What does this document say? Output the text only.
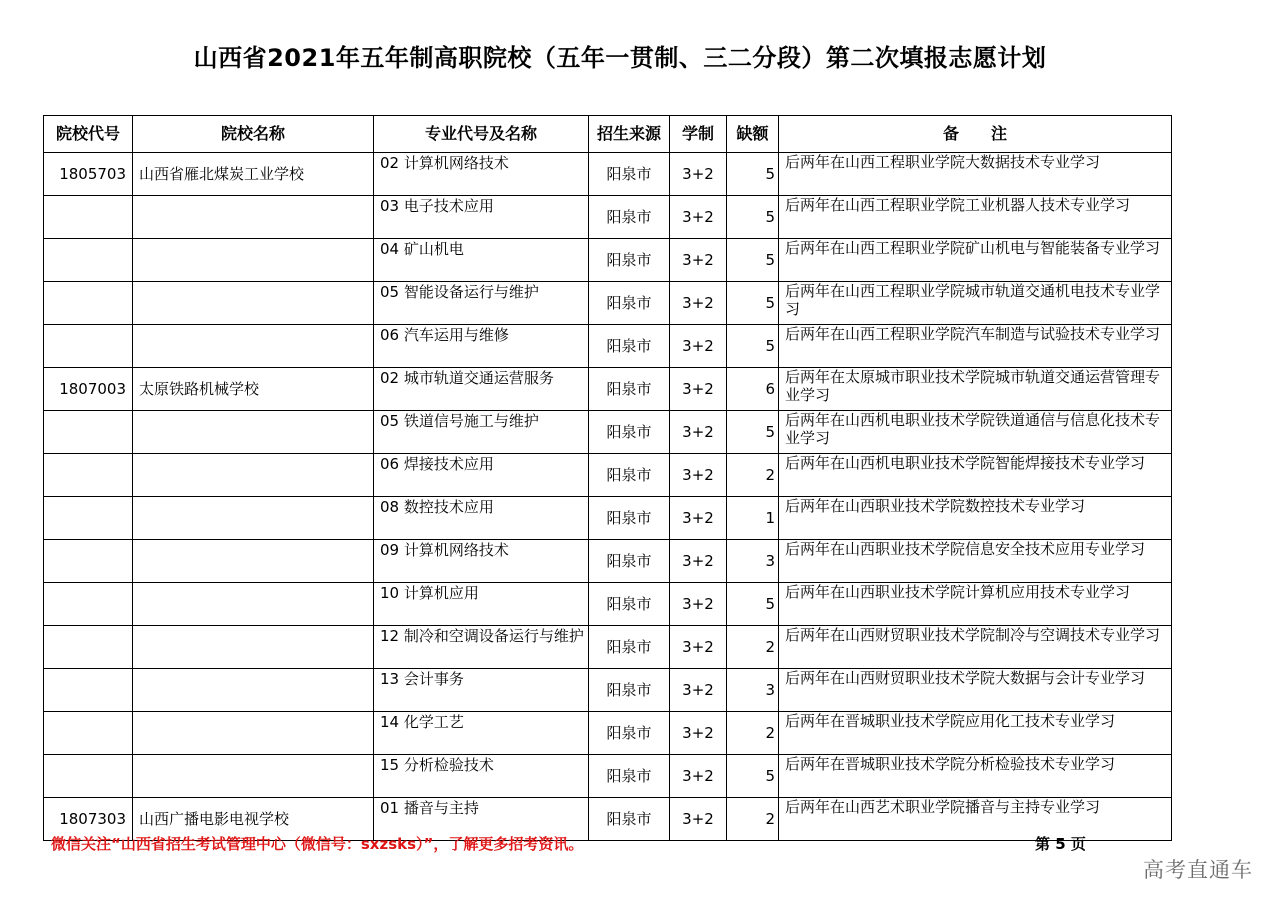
山西省2021年五年制高职院校（五年一贯制、三二分段）第二次填报志愿计划
院校代号	院校名称	专业代号及名称	招生来源	学制	缺额	备　　注
1805703	山西省雁北煤炭工业学校	02 计算机网络技术	阳泉市	3+2	5	后两年在山西工程职业学院大数据技术专业学习
		03 电子技术应用	阳泉市	3+2	5	后两年在山西工程职业学院工业机器人技术专业学习
		04 矿山机电	阳泉市	3+2	5	后两年在山西工程职业学院矿山机电与智能装备专业学习
		05 智能设备运行与维护	阳泉市	3+2	5	后两年在山西工程职业学院城市轨道交通机电技术专业学习
		06 汽车运用与维修	阳泉市	3+2	5	后两年在山西工程职业学院汽车制造与试验技术专业学习
1807003	太原铁路机械学校	02 城市轨道交通运营服务	阳泉市	3+2	6	后两年在太原城市职业技术学院城市轨道交通运营管理专业学习
		05 铁道信号施工与维护	阳泉市	3+2	5	后两年在山西机电职业技术学院铁道通信与信息化技术专业学习
		06 焊接技术应用	阳泉市	3+2	2	后两年在山西机电职业技术学院智能焊接技术专业学习
		08 数控技术应用	阳泉市	3+2	1	后两年在山西职业技术学院数控技术专业学习
		09 计算机网络技术	阳泉市	3+2	3	后两年在山西职业技术学院信息安全技术应用专业学习
		10 计算机应用	阳泉市	3+2	5	后两年在山西职业技术学院计算机应用技术专业学习
		12 制冷和空调设备运行与维护	阳泉市	3+2	2	后两年在山西财贸职业技术学院制冷与空调技术专业学习
		13 会计事务	阳泉市	3+2	3	后两年在山西财贸职业技术学院大数据与会计专业学习
		14 化学工艺	阳泉市	3+2	2	后两年在晋城职业技术学院应用化工技术专业学习
		15 分析检验技术	阳泉市	3+2	5	后两年在晋城职业技术学院分析检验技术专业学习
1807303	山西广播电影电视学校	01 播音与主持	阳泉市	3+2	2	后两年在山西艺术职业学院播音与主持专业学习
微信关注“山西省招生考试管理中心（微信号：sxzsks）”，了解更多招考资讯。	第 5 页
高考直通车
